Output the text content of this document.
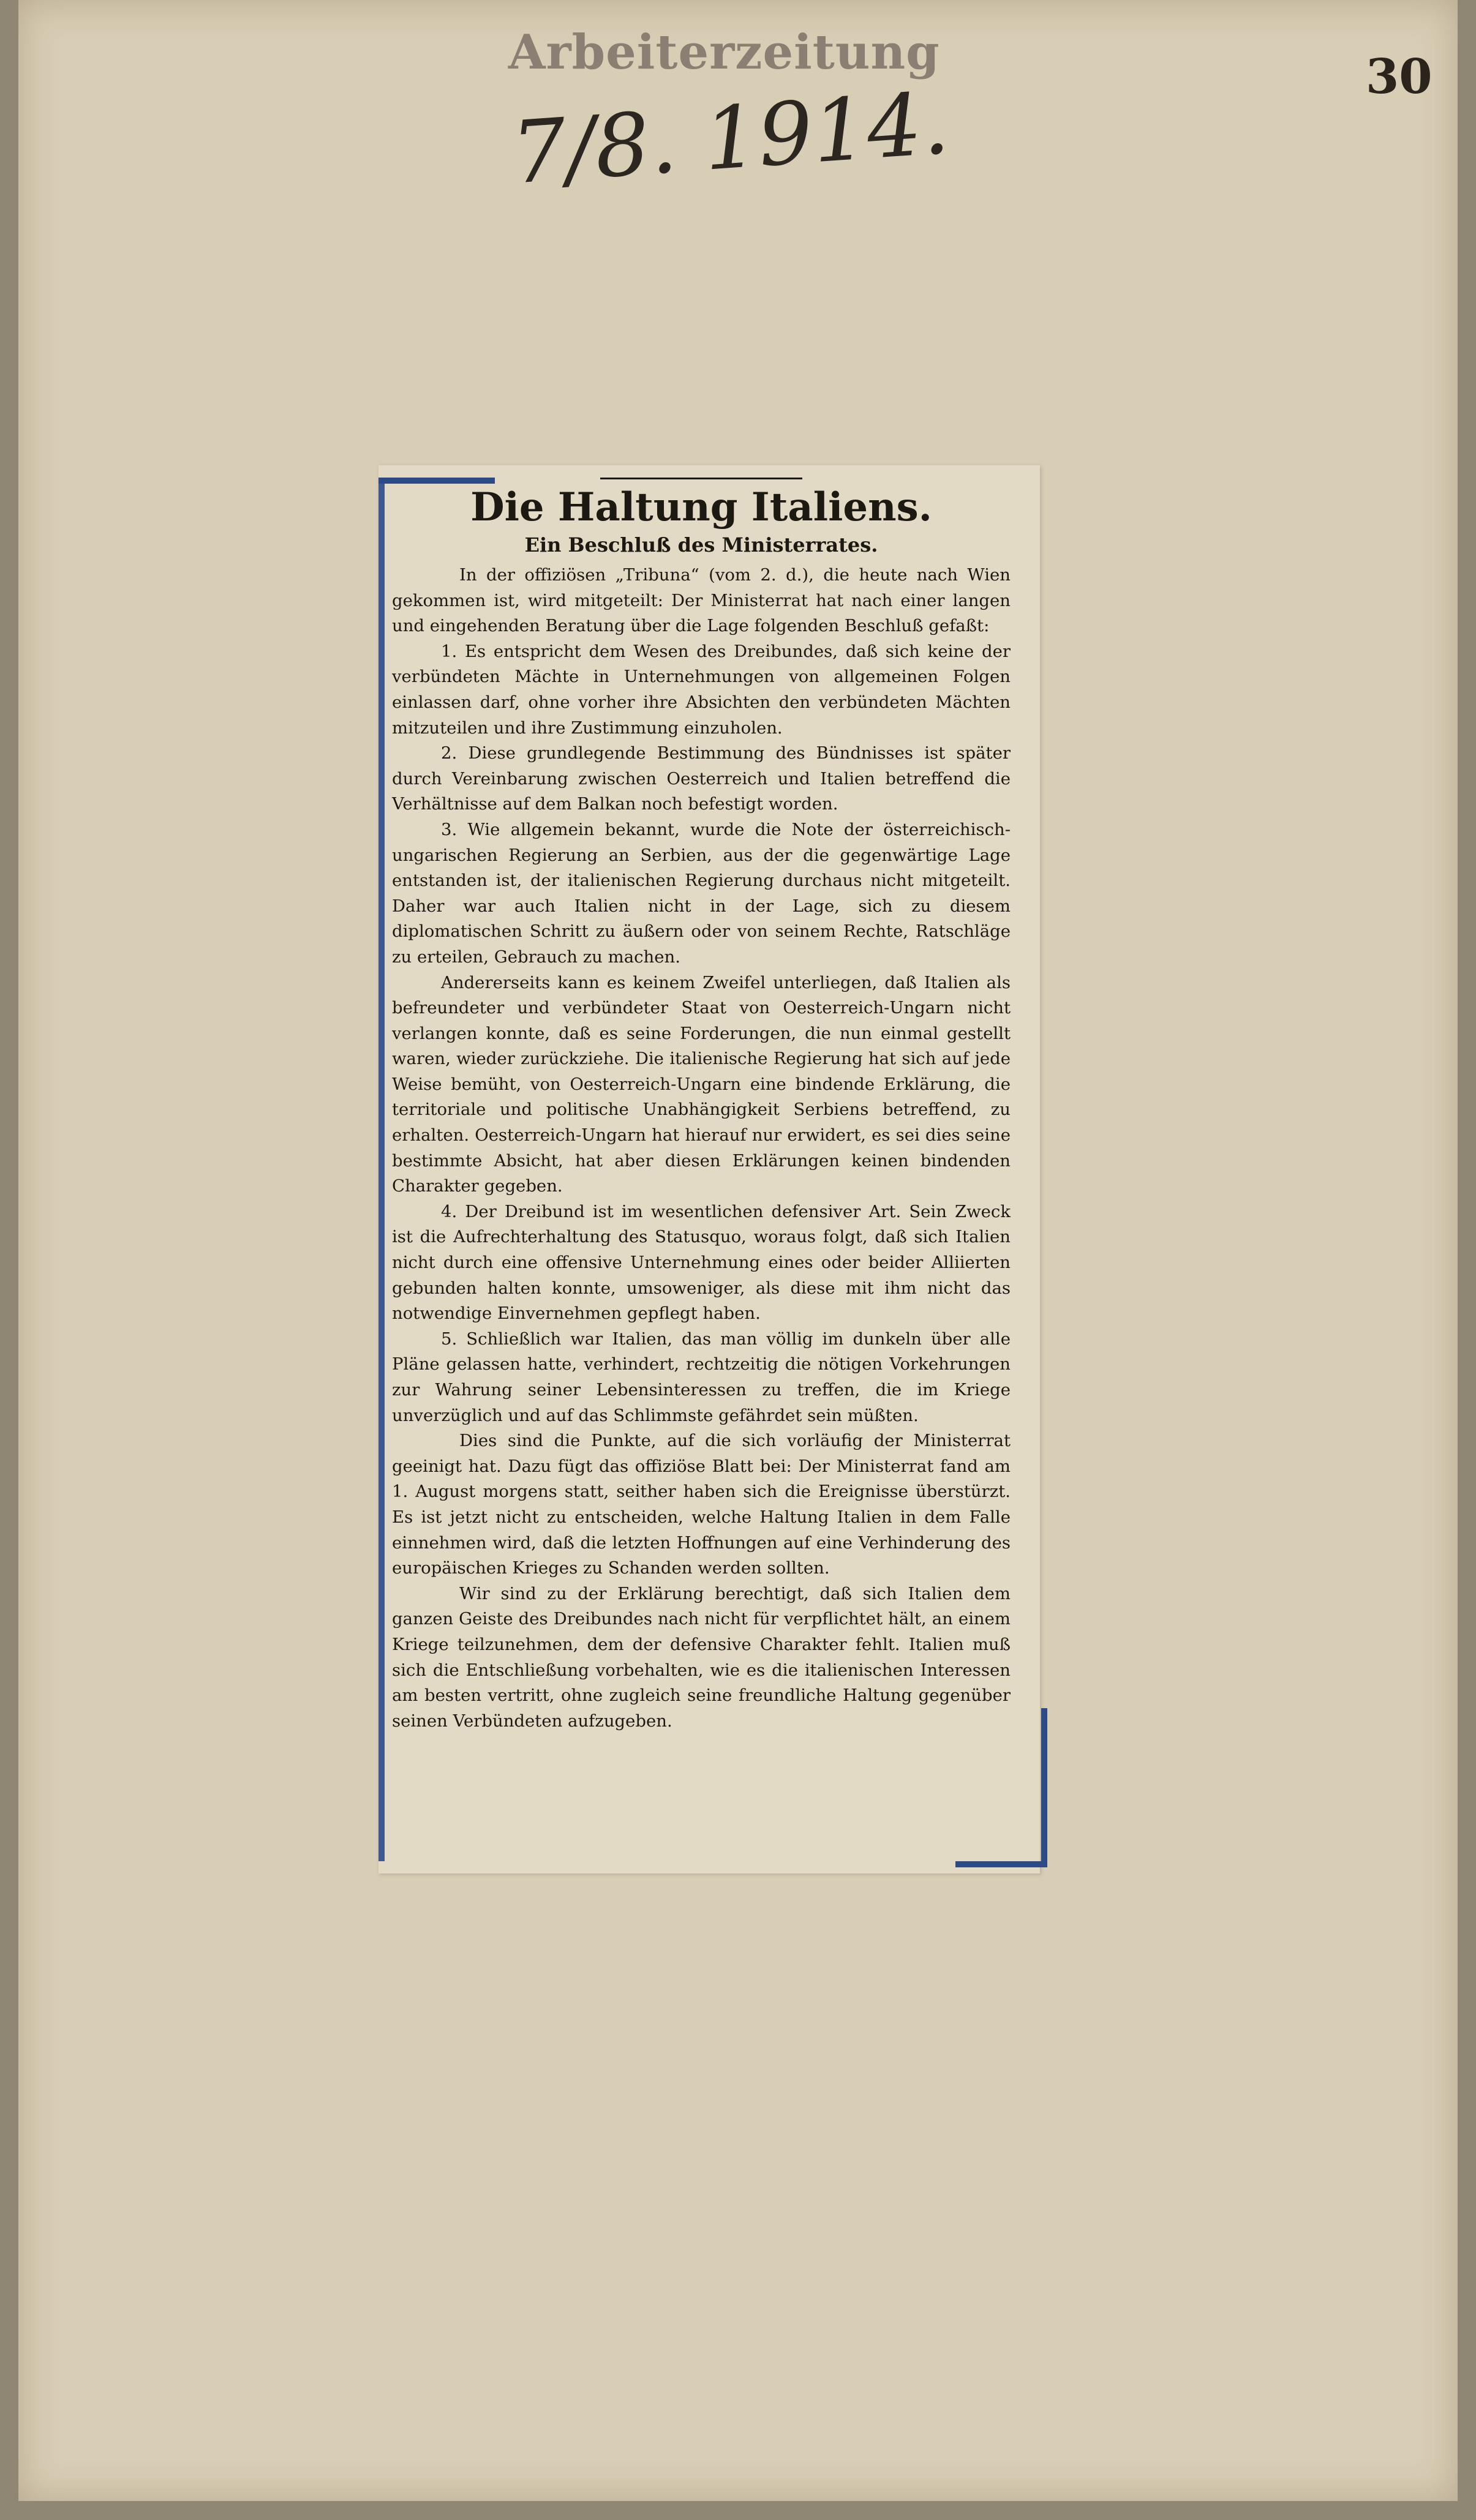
Arbeiterzeitung
7/8. 1914.	30
Die Haltung Italiens.
Ein Beschluß des Ministerrates.

In der offiziösen „Tribuna“ (vom 2. d.), die heute nach Wien gekommen ist, wird mitgeteilt: Der Ministerrat hat nach einer langen und eingehenden Beratung über die Lage folgenden Beschluß gefaßt:

1. Es entspricht dem Wesen des Dreibundes, daß sich keine der verbündeten Mächte in Unternehmungen von allgemeinen Folgen einlassen darf, ohne vorher ihre Absichten den verbündeten Mächten mitzuteilen und ihre Zustimmung einzuholen.

2. Diese grundlegende Bestimmung des Bündnisses ist später durch Vereinbarung zwischen Oesterreich und Italien betreffend die Verhältnisse auf dem Balkan noch befestigt worden.

3. Wie allgemein bekannt, wurde die Note der österreichisch-ungarischen Regierung an Serbien, aus der die gegenwärtige Lage entstanden ist, der italienischen Regierung durchaus nicht mitgeteilt. Daher war auch Italien nicht in der Lage, sich zu diesem diplomatischen Schritt zu äußern oder von seinem Rechte, Ratschläge zu erteilen, Gebrauch zu machen.

Andererseits kann es keinem Zweifel unterliegen, daß Italien als befreundeter und verbündeter Staat von Oesterreich-Ungarn nicht verlangen konnte, daß es seine Forderungen, die nun einmal gestellt waren, wieder zurückziehe. Die italienische Regierung hat sich auf jede Weise bemüht, von Oesterreich-Ungarn eine bindende Erklärung, die territoriale und politische Unabhängigkeit Serbiens betreffend, zu erhalten. Oesterreich-Ungarn hat hierauf nur erwidert, es sei dies seine bestimmte Absicht, hat aber diesen Erklärungen keinen bindenden Charakter gegeben.

4. Der Dreibund ist im wesentlichen defensiver Art. Sein Zweck ist die Aufrechterhaltung des Statusquo, woraus folgt, daß sich Italien nicht durch eine offensive Unternehmung eines oder beider Alliierten gebunden halten konnte, umsoweniger, als diese mit ihm nicht das notwendige Einvernehmen gepflegt haben.

5. Schließlich war Italien, das man völlig im dunkeln über alle Pläne gelassen hatte, verhindert, rechtzeitig die nötigen Vorkehrungen zur Wahrung seiner Lebensinteressen zu treffen, die im Kriege unverzüglich und auf das Schlimmste gefährdet sein müßten.

Dies sind die Punkte, auf die sich vorläufig der Ministerrat geeinigt hat. Dazu fügt das offiziöse Blatt bei: Der Ministerrat fand am 1. August morgens statt, seither haben sich die Ereignisse überstürzt. Es ist jetzt nicht zu entscheiden, welche Haltung Italien in dem Falle einnehmen wird, daß die letzten Hoffnungen auf eine Verhinderung des europäischen Krieges zu Schanden werden sollten.

Wir sind zu der Erklärung berechtigt, daß sich Italien dem ganzen Geiste des Dreibundes nach nicht für verpflichtet hält, an einem Kriege teilzunehmen, dem der defensive Charakter fehlt. Italien muß sich die Entschließung vorbehalten, wie es die italienischen Interessen am besten vertritt, ohne zugleich seine freundliche Haltung gegenüber seinen Verbündeten aufzugeben.
